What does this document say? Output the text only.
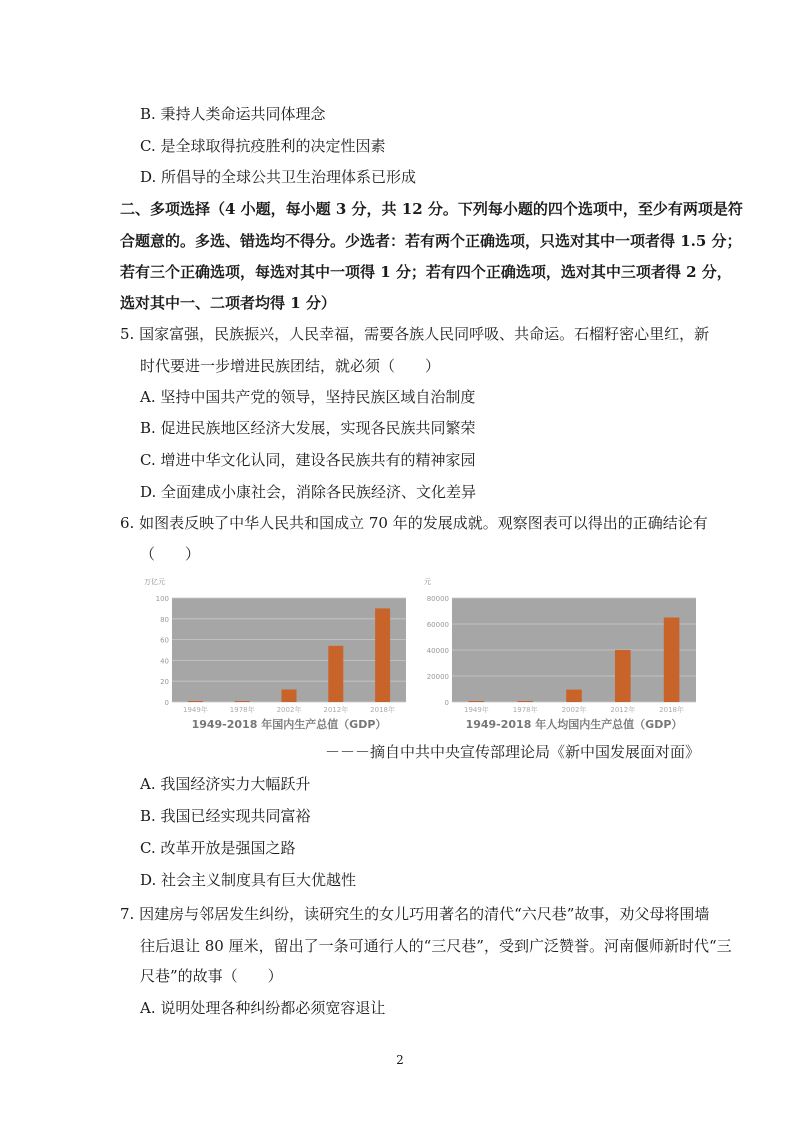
B. 秉持人类命运共同体理念
C. 是全球取得抗疫胜利的决定性因素
D. 所倡导的全球公共卫生治理体系已形成
二、多项选择（4 小题，每小题 3 分，共 12 分。下列每小题的四个选项中，至少有两项是符
合题意的。多选、错选均不得分。少选者：若有两个正确选项，只选对其中一项者得 1.5 分；
若有三个正确选项，每选对其中一项得 1 分；若有四个正确选项，选对其中三项者得 2 分，
选对其中一、二项者均得 1 分）
5. 国家富强，民族振兴，人民幸福，需要各族人民同呼吸、共命运。石榴籽密心里红，新
时代要进一步增进民族团结，就必须（　　）
A. 坚持中国共产党的领导，坚持民族区域自治制度
B. 促进民族地区经济大发展，实现各民族共同繁荣
C. 增进中华文化认同，建设各民族共有的精神家园
D. 全面建成小康社会，消除各民族经济、文化差异
6. 如图表反映了中华人民共和国成立 70 年的发展成就。观察图表可以得出的正确结论有
（　　）
万亿元
0
20
40
60
80
100
1949年	1978年	2002年	2012年	2018年
1949-2018 年国内生产总值（GDP）
元
0
20000
40000
60000
80000
1949年	1978年	2002年	2012年	2018年
1949-2018 年人均国内生产总值（GDP）
－－－摘自中共中央宣传部理论局《新中国发展面对面》
A. 我国经济实力大幅跃升
B. 我国已经实现共同富裕
C. 改革开放是强国之路
D. 社会主义制度具有巨大优越性
7. 因建房与邻居发生纠纷，读研究生的女儿巧用著名的清代“六尺巷”故事，劝父母将围墙
往后退让 80 厘米，留出了一条可通行人的“三尺巷”，受到广泛赞誉。河南偃师新时代“三
尺巷”的故事（　　）
A. 说明处理各种纠纷都必须宽容退让
2
